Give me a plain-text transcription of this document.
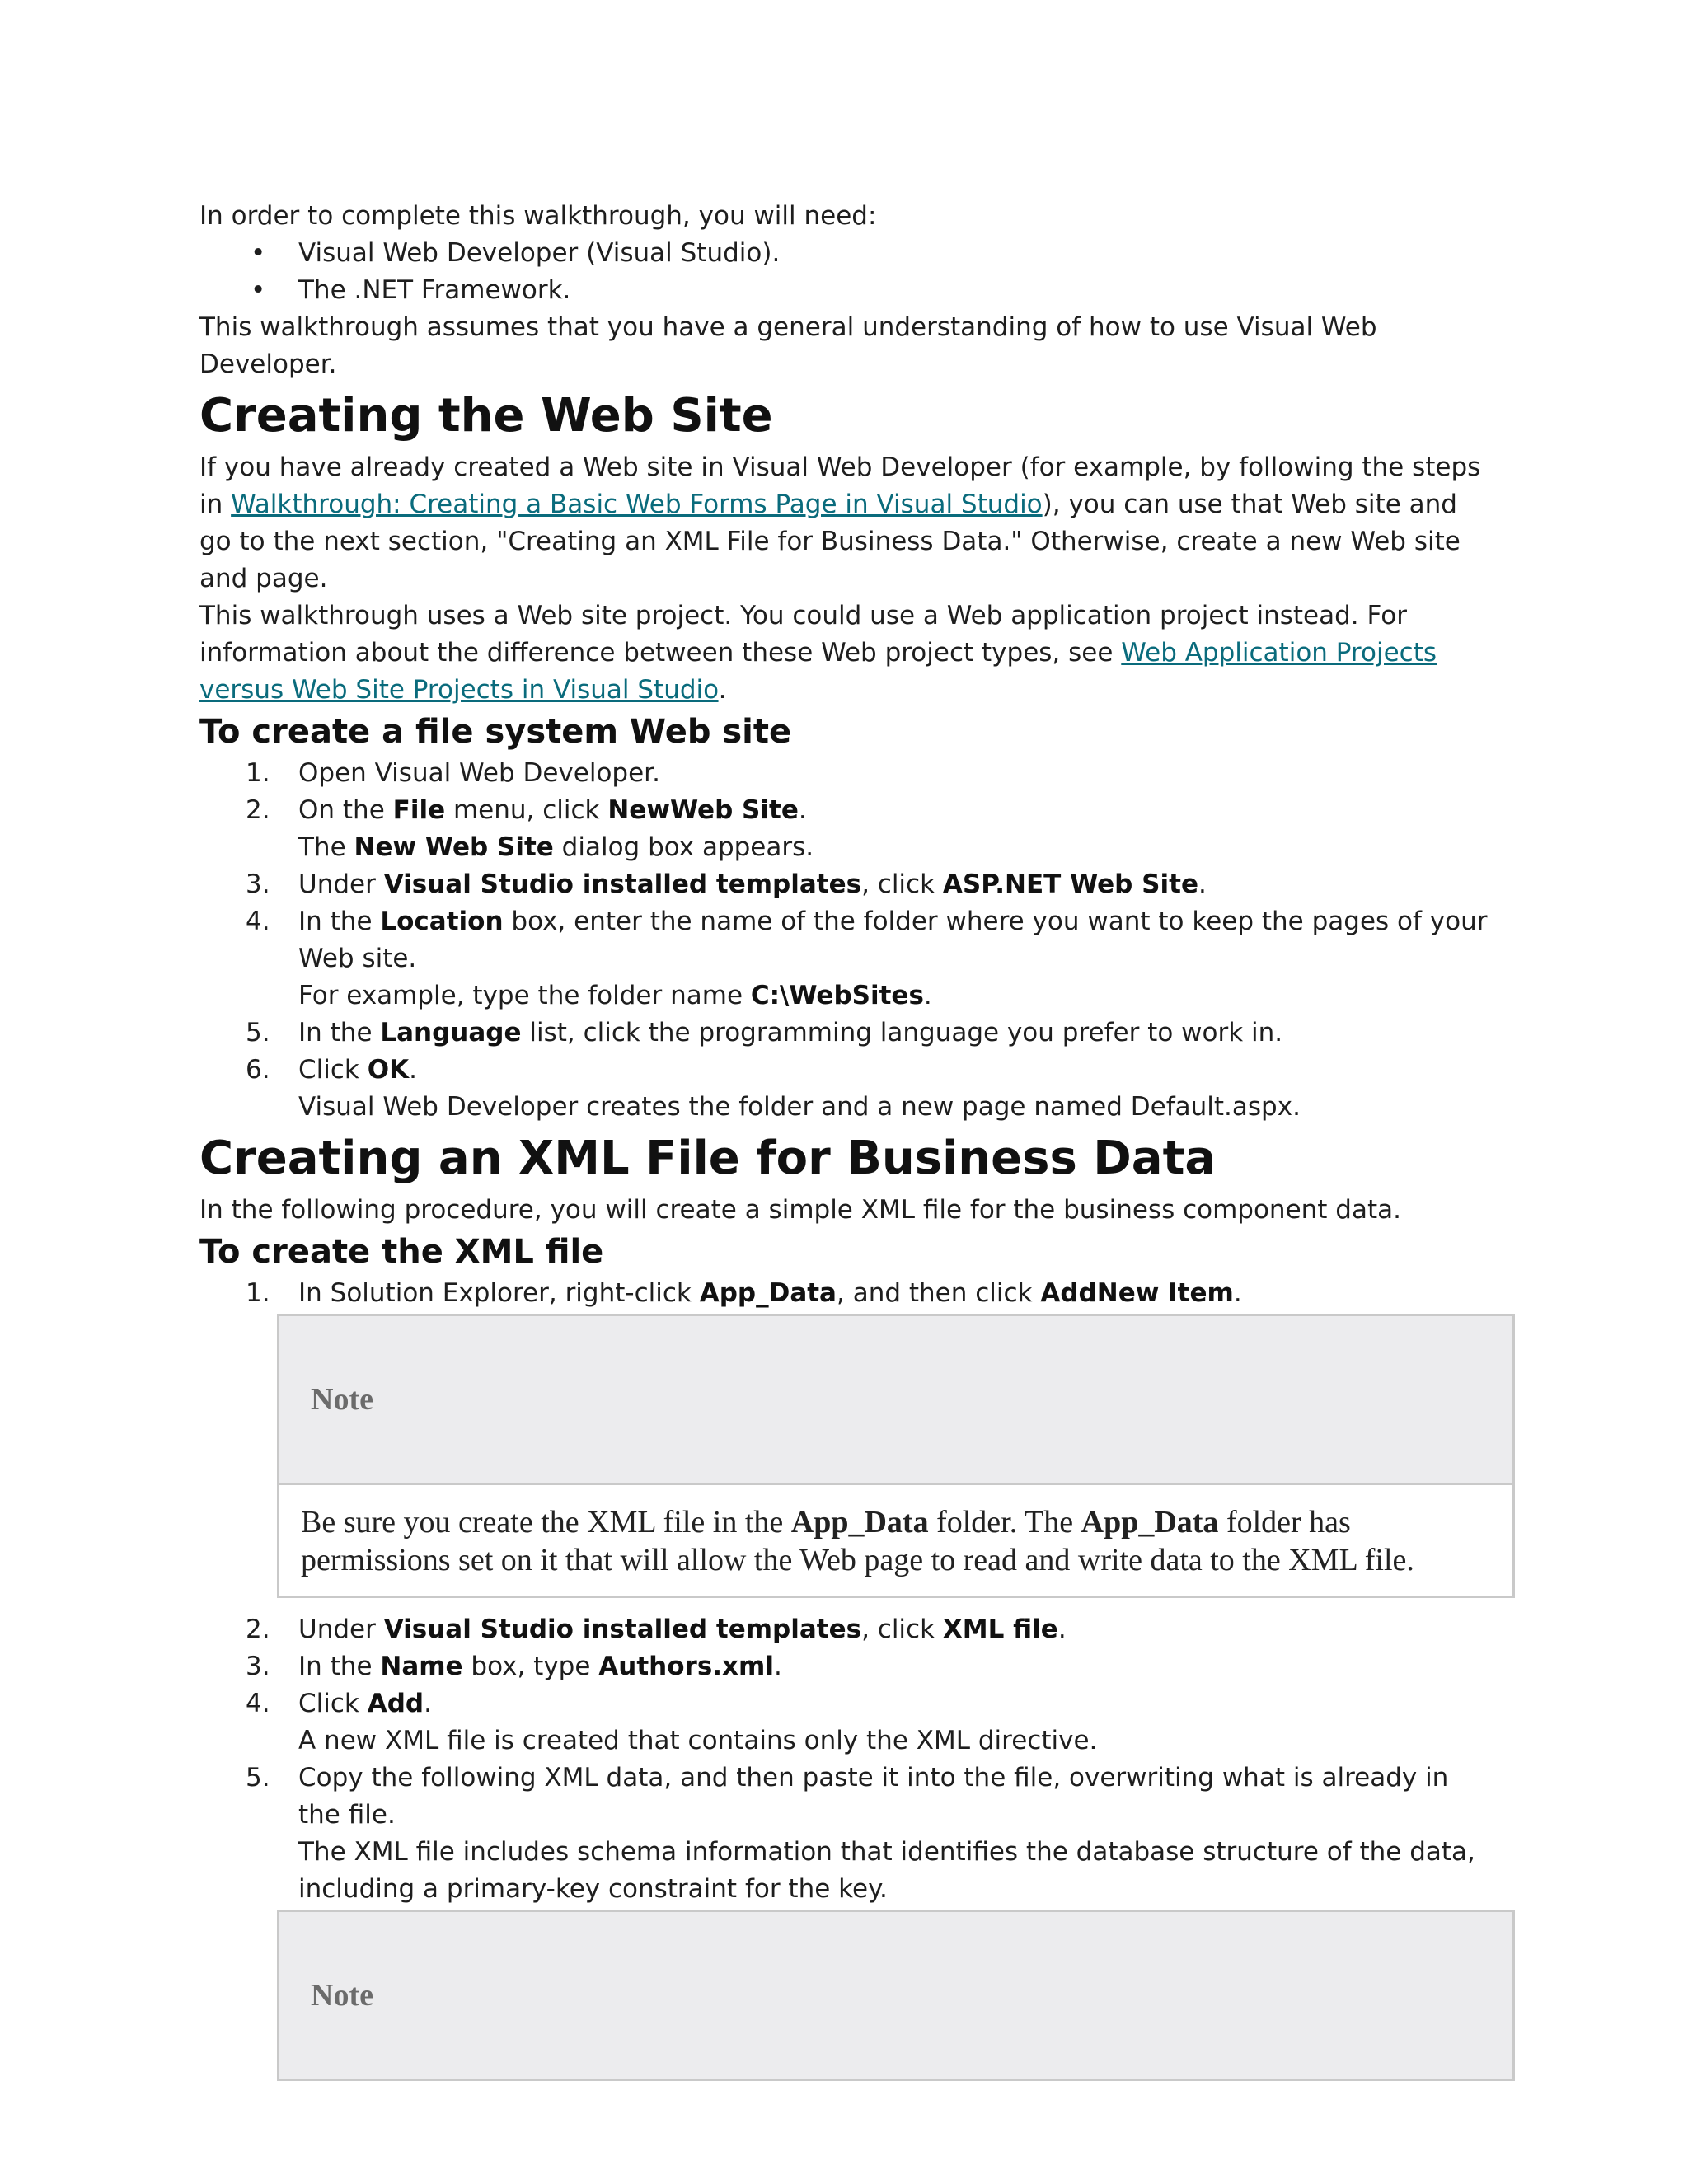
In order to complete this walkthrough, you will need:

• Visual Web Developer (Visual Studio).
• The .NET Framework.

This walkthrough assumes that you have a general understanding of how to use Visual Web Developer.

Creating the Web Site

If you have already created a Web site in Visual Web Developer (for example, by following the steps in Walkthrough: Creating a Basic Web Forms Page in Visual Studio), you can use that Web site and go to the next section, "Creating an XML File for Business Data." Otherwise, create a new Web site and page.

This walkthrough uses a Web site project. You could use a Web application project instead. For information about the difference between these Web project types, see Web Application Projects versus Web Site Projects in Visual Studio.

To create a file system Web site
1. Open Visual Web Developer.
2. On the File menu, click NewWeb Site.
The New Web Site dialog box appears.
3. Under Visual Studio installed templates, click ASP.NET Web Site.
4. In the Location box, enter the name of the folder where you want to keep the pages of your Web site.
For example, type the folder name C:\WebSites.
5. In the Language list, click the programming language you prefer to work in.
6. Click OK.
Visual Web Developer creates the folder and a new page named Default.aspx.
Creating an XML File for Business Data

In the following procedure, you will create a simple XML file for the business component data.

To create the XML file
1. In Solution Explorer, right-click App_Data, and then click AddNew Item.
Note
Be sure you create the XML file in the App_Data folder. The App_Data folder has permissions set on it that will allow the Web page to read and write data to the XML file.
2. Under Visual Studio installed templates, click XML file.
3. In the Name box, type Authors.xml.
4. Click Add.
A new XML file is created that contains only the XML directive.
5. Copy the following XML data, and then paste it into the file, overwriting what is already in the file.
The XML file includes schema information that identifies the database structure of the data, including a primary-key constraint for the key.
Note
